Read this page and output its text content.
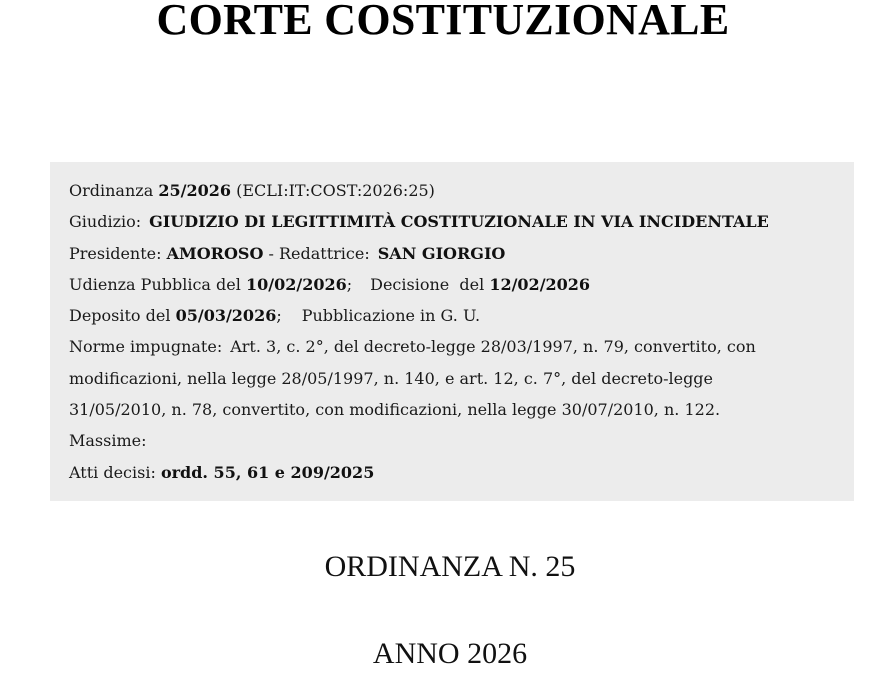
CORTE COSTITUZIONALE
Ordinanza 25/2026 (ECLI:IT:COST:2026:25)
Giudizio: GIUDIZIO DI LEGITTIMITÀ COSTITUZIONALE IN VIA INCIDENTALE
Presidente: AMOROSO - Redattrice: SAN GIORGIO
Udienza Pubblica del 10/02/2026; Decisione  del 12/02/2026
Deposito del 05/03/2026; Pubblicazione in G. U.
Norme impugnate: Art. 3, c. 2°, del decreto-legge 28/03/1997, n. 79, convertito, con
modificazioni, nella legge 28/05/1997, n. 140, e art. 12, c. 7°, del decreto-legge
31/05/2010, n. 78, convertito, con modificazioni, nella legge 30/07/2010, n. 122.
Massime:
Atti decisi: ordd. 55, 61 e 209/2025
ORDINANZA N. 25
ANNO 2026
